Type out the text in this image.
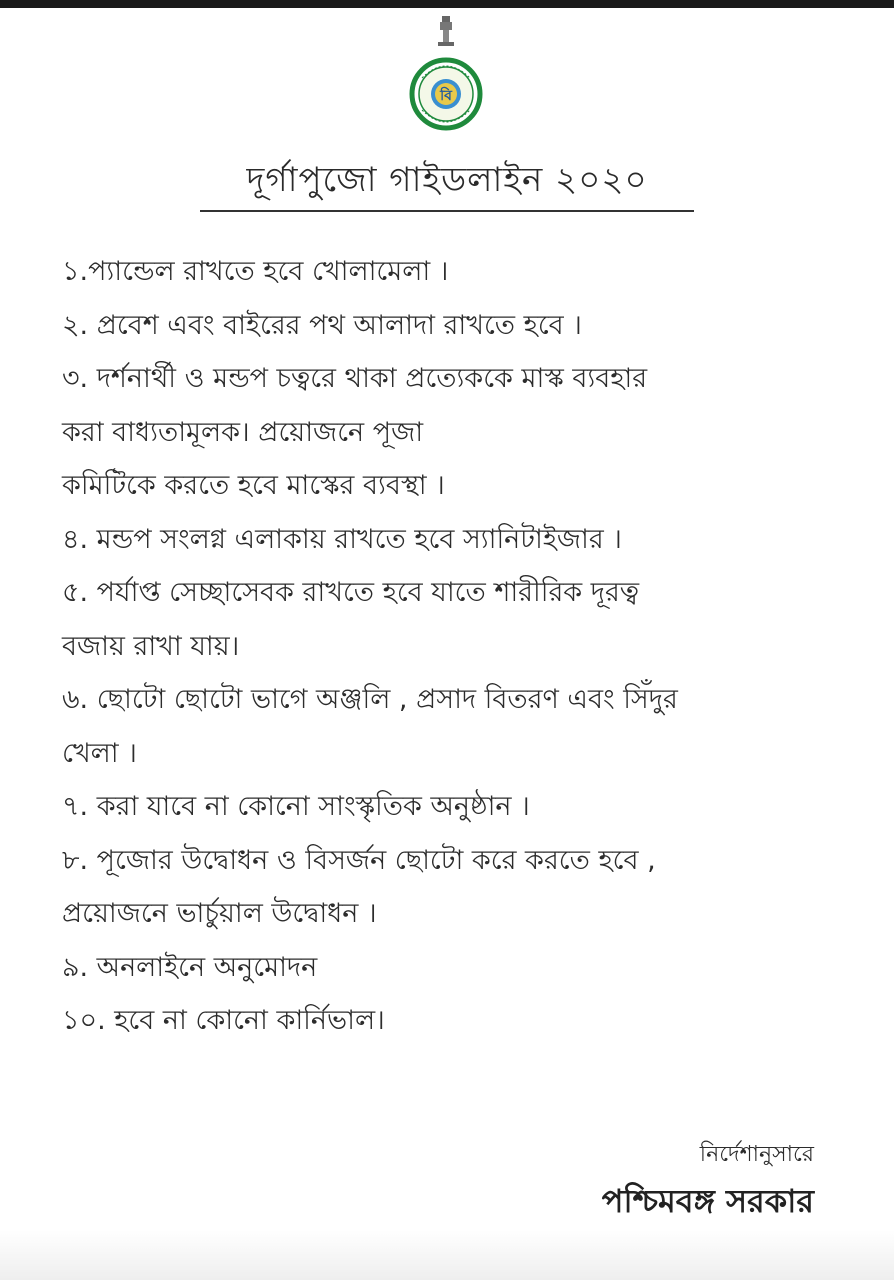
বি
দূর্গাপুজো গাইডলাইন ২০২০

১.প্যান্ডেল রাখতে হবে খোলামেলা ।

২. প্রবেশ এবং বাইরের পথ আলাদা রাখতে হবে ।

৩. দর্শনার্থী ও মন্ডপ চত্বরে থাকা প্রত্যেককে মাস্ক ব্যবহার

করা বাধ্যতামূলক। প্রয়োজনে পূজা

কমিটিকে করতে হবে মাস্কের ব্যবস্থা ।

৪. মন্ডপ সংলগ্ন এলাকায় রাখতে হবে স্যানিটাইজার ।

৫. পর্যাপ্ত সেচ্ছাসেবক রাখতে হবে যাতে শারীরিক দূরত্ব

বজায় রাখা যায়।

৬. ছোটো ছোটো ভাগে অঞ্জলি , প্রসাদ বিতরণ এবং সিঁদুর

খেলা ।

৭. করা যাবে না কোনো সাংস্কৃতিক অনুষ্ঠান ।

৮. পূজোর উদ্বোধন ও বিসর্জন ছোটো করে করতে হবে ,

প্রয়োজনে ভার্চুয়াল উদ্বোধন ।

৯. অনলাইনে অনুমোদন

১০. হবে না কোনো কার্নিভাল।

নির্দেশানুসারে
পশ্চিমবঙ্গ সরকার
